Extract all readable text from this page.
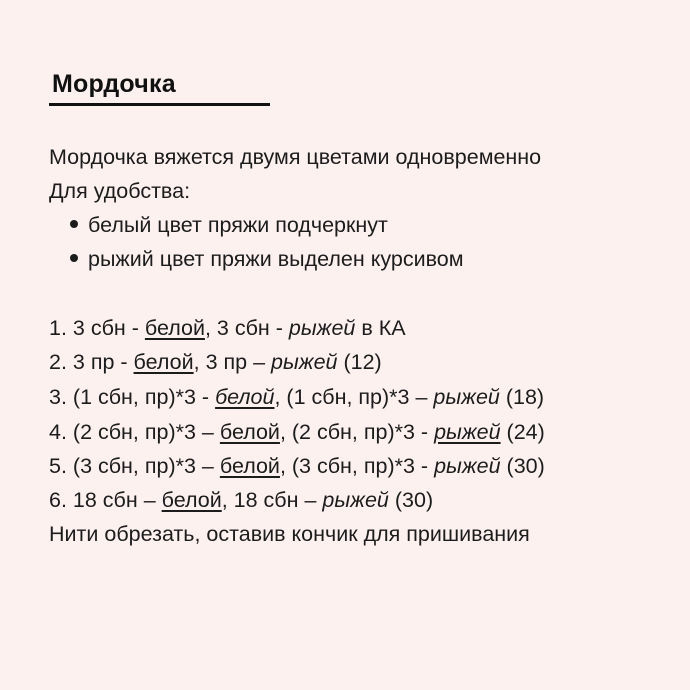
Мордочка
Мордочка вяжется двумя цветами одновременно
Для удобства:
белый цвет пряжи подчеркнут
рыжий цвет пряжи выделен курсивом
1. 3 сбн - белой, 3 сбн - рыжей в КА
2. 3 пр - белой, 3 пр – рыжей (12)
3. (1 сбн, пр)*3 - белой, (1 сбн, пр)*3 – рыжей (18)
4. (2 сбн, пр)*3 – белой, (2 сбн, пр)*3 - рыжей (24)
5. (3 сбн, пр)*3 – белой, (3 сбн, пр)*3 - рыжей (30)
6. 18 сбн – белой, 18 сбн – рыжей (30)
Нити обрезать, оставив кончик для пришивания
